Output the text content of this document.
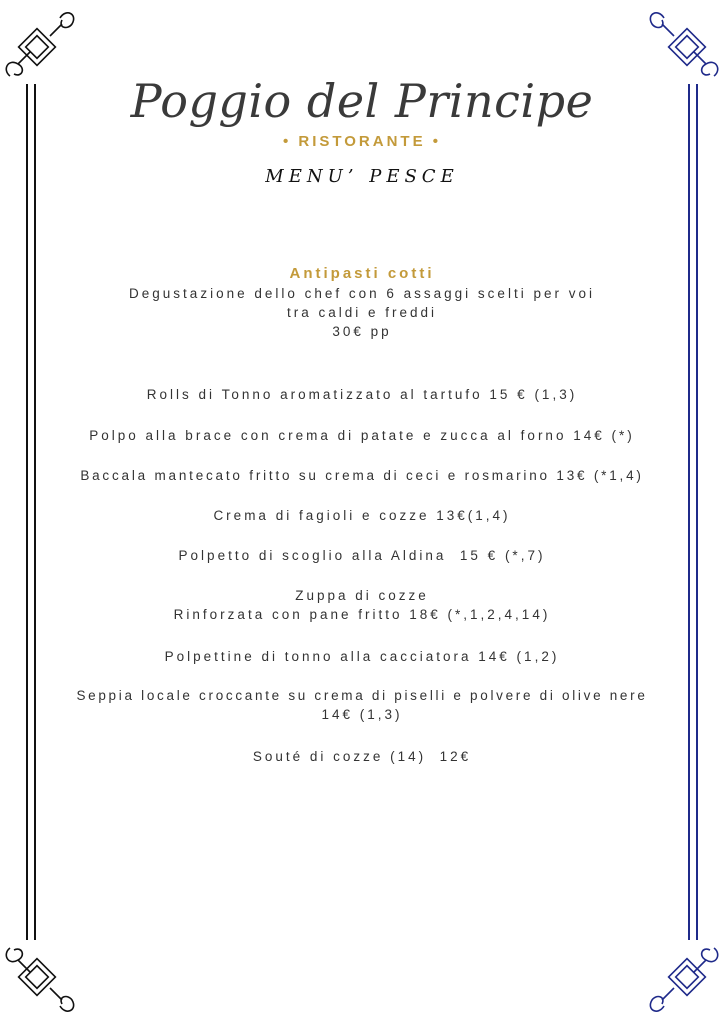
Poggio del Principe
• RISTORANTE •
MENU’ PESCE
Antipasti cotti
Degustazione dello chef con 6 assaggi scelti per voi
tra caldi e freddi
30€ pp
Rolls di Tonno aromatizzato al tartufo 15 € (1,3)
Polpo alla brace con crema di patate e zucca al forno 14€ (*)
Baccala mantecato fritto su crema di ceci e rosmarino 13€ (*1,4)
Crema di fagioli e cozze 13€(1,4)
Polpetto di scoglio alla Aldina  15 € (*,7)
Zuppa di cozze
Rinforzata con pane fritto 18€ (*,1,2,4,14)
Polpettine di tonno alla cacciatora 14€ (1,2)
Seppia locale croccante su crema di piselli e polvere di olive nere
14€ (1,3)
Souté di cozze (14)  12€
